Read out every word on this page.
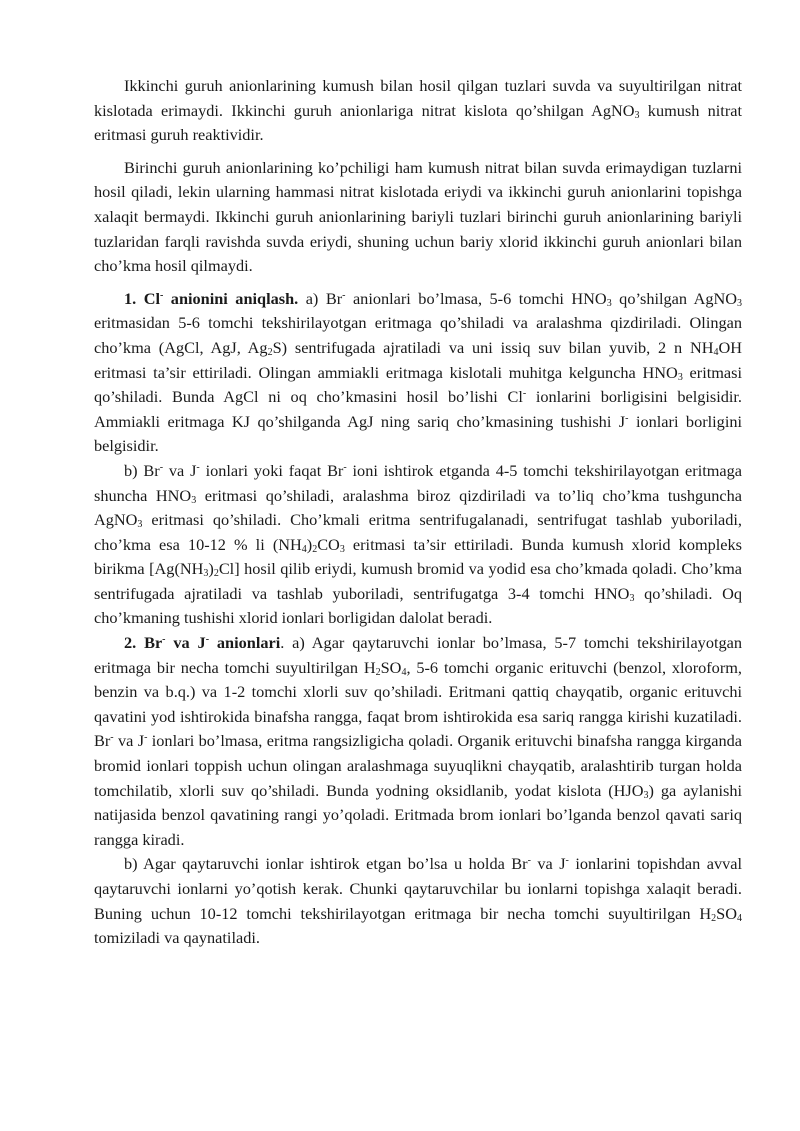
Ikkinchi guruh anionlarining kumush bilan hosil qilgan tuzlari suvda va suyultirilgan nitrat kislotada erimaydi. Ikkinchi guruh anionlariga nitrat kislota qo’shilgan AgNO$_3$ kumush nitrat eritmasi guruh reaktividir.

Birinchi guruh anionlarining ko’pchiligi ham kumush nitrat bilan suvda erimaydigan tuzlarni hosil qiladi, lekin ularning hammasi nitrat kislotada eriydi va ikkinchi guruh anionlarini topishga xalaqit bermaydi. Ikkinchi guruh anionlarining bariyli tuzlari birinchi guruh anionlarining bariyli tuzlaridan farqli ravishda suvda eriydi, shuning uchun bariy xlorid ikkinchi guruh anionlari bilan cho’kma hosil qilmaydi.

1. Cl- anionini aniqlash. a) Br- anionlari bo’lmasa, 5-6 tomchi $HNO_3$ qo’shilgan AgNO$_3$ eritmasidan 5-6 tomchi tekshirilayotgan eritmaga qo’shiladi va aralashma qizdiriladi. Olingan cho’kma (AgCl, AgJ, $Ag_2S$) sentrifugada ajratiladi va uni issiq suv bilan yuvib, 2 n $NH_4OH$ eritmasi ta’sir ettiriladi. Olingan ammiakli eritmaga kislotali muhitga kelguncha $HNO_3$ eritmasi qo’shiladi. Bunda AgCl ni oq cho’kmasini hosil bo’lishi Cl- ionlarini borligisini belgisidir. Ammiakli eritmaga KJ qo’shilganda AgJ ning sariq cho’kmasining tushishi J- ionlari borligini belgisidir.

b) Br- va J- ionlari yoki faqat Br- ioni ishtirok etganda 4-5 tomchi tekshirilayotgan eritmaga shuncha $HNO_3$ eritmasi qo’shiladi, aralashma biroz qizdiriladi va to’liq cho’kma tushguncha AgNO$_3$ eritmasi qo’shiladi. Cho’kmali eritma sentrifugalanadi, sentrifugat tashlab yuboriladi, cho’kma esa 10-12 % li $(NH_4)_2CO_3$ eritmasi ta’sir ettiriladi. Bunda kumush xlorid kompleks birikma $[Ag(NH_3)_2Cl]$ hosil qilib eriydi, kumush bromid va yodid esa cho’kmada qoladi. Cho’kma sentrifugada ajratiladi va tashlab yuboriladi, sentrifugatga 3-4 tomchi $HNO_3$ qo’shiladi. Oq cho’kmaning tushishi xlorid ionlari borligidan dalolat beradi.

2. Br- va J- anionlari. a) Agar qaytaruvchi ionlar bo’lmasa, 5-7 tomchi tekshirilayotgan eritmaga bir necha tomchi suyultirilgan $H_2SO_4$, 5-6 tomchi organic erituvchi (benzol, xloroform, benzin va b.q.) va 1-2 tomchi xlorli suv qo’shiladi. Eritmani qattiq chayqatib, organic erituvchi qavatini yod ishtirokida binafsha rangga, faqat brom ishtirokida esa sariq rangga kirishi kuzatiladi. Br- va J- ionlari bo’lmasa, eritma rangsizligicha qoladi. Organik erituvchi binafsha rangga kirganda bromid ionlari toppish uchun olingan aralashmaga suyuqlikni chayqatib, aralashtirib turgan holda tomchilatib, xlorli suv qo’shiladi. Bunda yodning oksidlanib, yodat kislota $(HJO_3)$ ga aylanishi natijasida benzol qavatining rangi yo’qoladi. Eritmada brom ionlari bo’lganda benzol qavati sariq rangga kiradi.

b) Agar qaytaruvchi ionlar ishtirok etgan bo’lsa u holda Br- va J- ionlarini topishdan avval qaytaruvchi ionlarni yo’qotish kerak. Chunki qaytaruvchilar bu ionlarni topishga xalaqit beradi. Buning uchun 10-12 tomchi tekshirilayotgan eritmaga bir necha tomchi suyultirilgan $H_2SO_4$ tomiziladi va qaynatiladi.
